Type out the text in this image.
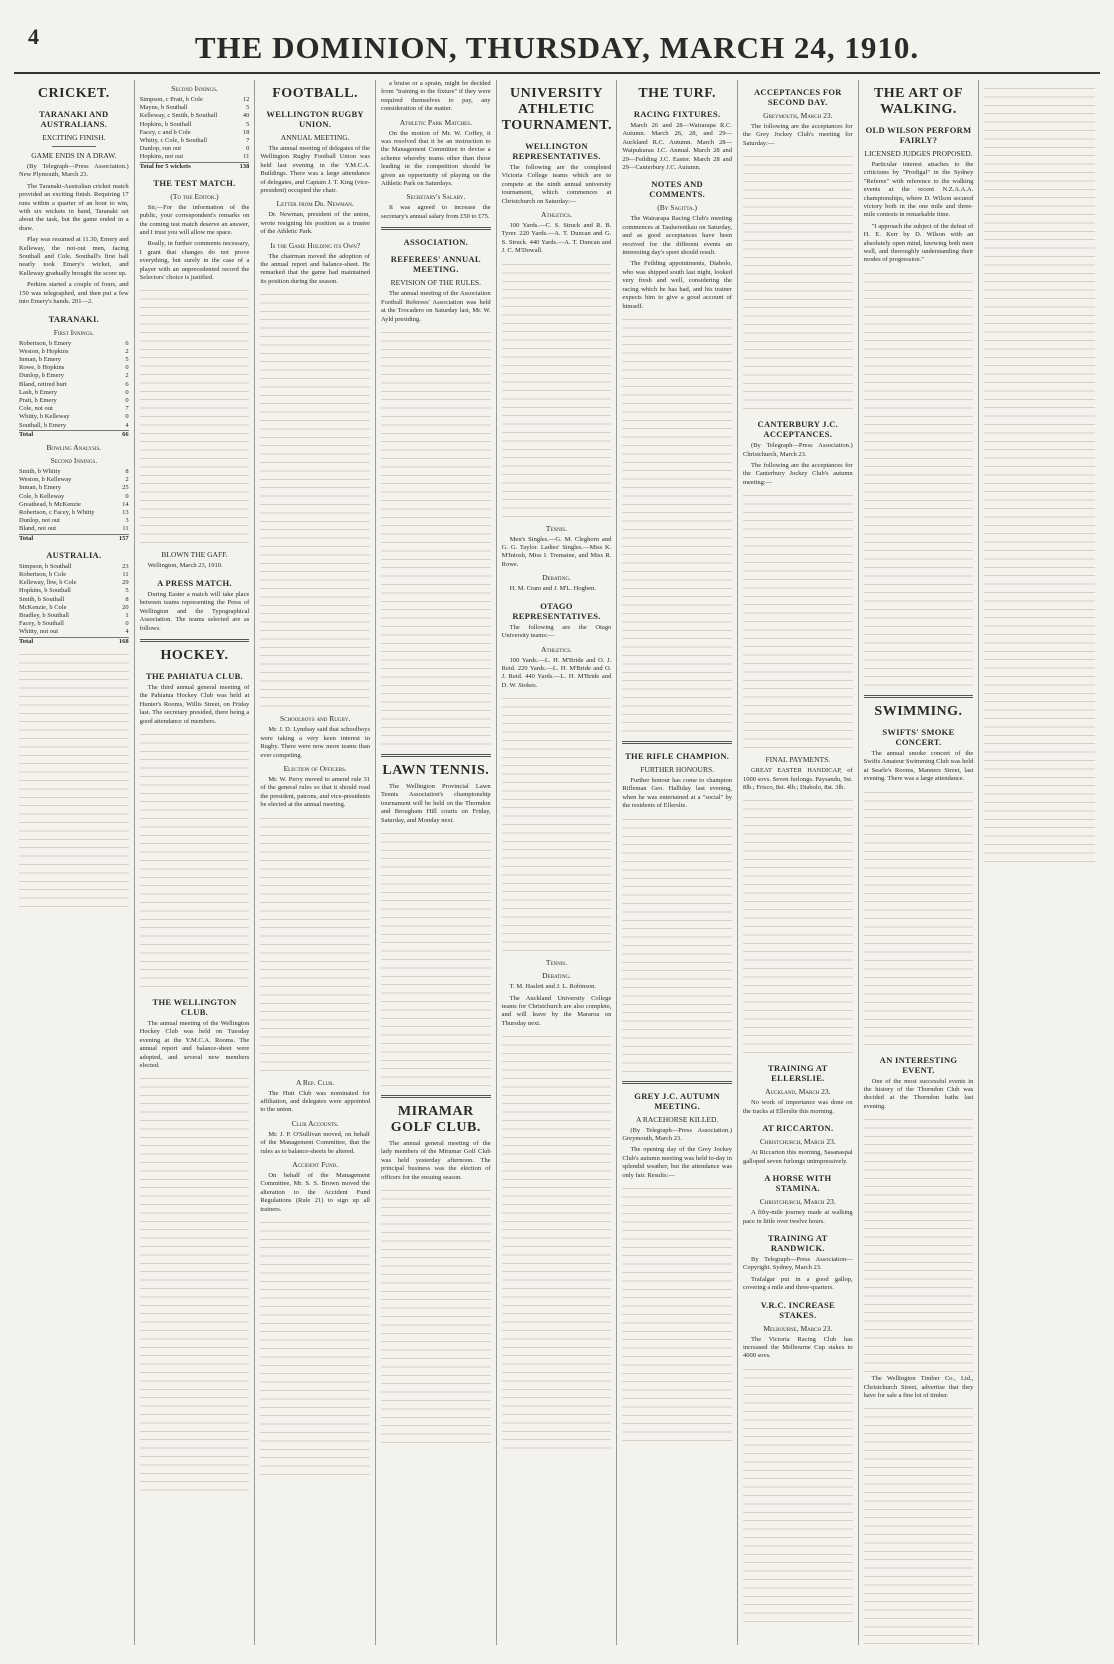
4	THE DOMINION, THURSDAY, MARCH 24, 1910.
CRICKET.
TARANAKI AND AUSTRALIANS.
EXCITING FINISH.
GAME ENDS IN A DRAW.

(By Telegraph—Press Association.) New Plymouth, March 23.

The Taranaki-Australian cricket match provided an exciting finish. Requiring 17 runs within a quarter of an hour to win, with six wickets in hand, Taranaki set about the task, but the game ended in a draw.

Play was resumed at 11.30, Emery and Kelleway, the not-out men, facing Southall and Cole. Southall's first ball nearly took Emery's wicket, and Kelleway gradually brought the score up.

Perkins started a couple of fours, and 150 was telegraphed, and then put a few into Emery's hands. 201—2.

TARANAKI.
First Innings.
Robertson, b Emery	6
Weston, b Hopkins	2
Inman, b Emery	5
Rowe, b Hopkins	0
Dunlop, b Emery	2
Bland, retired hurt	6
Lash, b Emery	0
Pratt, b Emery	0
Cole, not out	7
Whitty, b Kelleway	0
Southall, b Emery	4
Total	66
Bowling Analysis.
Second Innings.
Smith, b Whitty	8
Weston, b Kelleway	2
Inman, b Emery	25
Cole, b Kelleway	0
Greathead, b McKenzie	14
Robertson, c Facey, b Whitty	13
Dunlop, not out	3
Bland, not out	11
Total	157
AUSTRALIA.
Simpson, b Southall	23
Robertson, b Cole	11
Kelleway, lbw, b Cole	29
Hopkins, b Southall	5
Smith, b Southall	8
McKenzie, b Cole	20
Bradley, b Southall	1
Facey, b Southall	0
Whitty, not out	4
Total	168
Second Innings.
Simpson, c Pratt, b Cole	12
Mayne, b Southall	5
Kelleway, c Smith, b Southall	40
Hopkins, b Southall	5
Facey, c and b Cole	18
Whitty, c Cole, b Southall	7
Dunlop, run out	0
Hopkins, not out	11
Total for 5 wickets	138
THE TEST MATCH.
(To the Editor.)

Sir,—For the information of the public, your correspondent's remarks on the coming test match deserve an answer, and I trust you will allow me space.

Really, in further comments necessary, I grant that changes do not prove everything, but surely in the case of a player with an unprecedented record the Selectors' choice is justified.

BLOWN THE GAFF.

Wellington, March 23, 1910.

A PRESS MATCH.

During Easter a match will take place between teams representing the Press of Wellington and the Typographical Association. The teams selected are as follows.

HOCKEY.
THE PAHIATUA CLUB.

The third annual general meeting of the Pahiatua Hockey Club was held at Hunter's Rooms, Willis Street, on Friday last. The secretary presided, there being a good attendance of members.

THE WELLINGTON CLUB.

The annual meeting of the Wellington Hockey Club was held on Tuesday evening at the Y.M.C.A. Rooms. The annual report and balance-sheet were adopted, and several new members elected.

FOOTBALL.
WELLINGTON RUGBY UNION.
ANNUAL MEETING.

The annual meeting of delegates of the Wellington Rugby Football Union was held last evening in the Y.M.C.A. Buildings. There was a large attendance of delegates, and Captain J. T. King (vice-president) occupied the chair.

Letter from Dr. Newman.

Dr. Newman, president of the union, wrote resigning his position as a trustee of the Athletic Park.

Is the Game Holding its Own?

The chairman moved the adoption of the annual report and balance-sheet. He remarked that the game had maintained its position during the season.

Schoolboys and Rugby.

Mr. J. D. Lyndsay said that schoolboys were taking a very keen interest in Rugby. There were now more teams than ever competing.

Election of Officers.

Mr. W. Perry moved to amend rule 31 of the general rules so that it should read the president, patrons, and vice-presidents be elected at the annual meeting.

A Rep. Club.

The Hutt Club was nominated for affiliation, and delegates were appointed to the union.

Club Accounts.

Mr. J. P. O'Sullivan moved, on behalf of the Management Committee, that the rules as to balance-sheets be altered.

Accident Fund.

On behalf of the Management Committee, Mr. S. S. Brown moved the alteration to the Accident Fund Regulations (Rule 21) to sign up all trainers.

a bruise or a sprain, might be decided from "training to the fixture" if they were required themselves to pay, any consideration of the matter.

Athletic Park Matches.

On the motion of Mr. W. Coffey, it was resolved that it be an instruction to the Management Committee to devise a scheme whereby teams other than those leading in the competition should be given an opportunity of playing on the Athletic Park on Saturdays.

Secretary's Salary.

It was agreed to increase the secretary's annual salary from £50 to £75.

ASSOCIATION.
REFEREES' ANNUAL MEETING.
REVISION OF THE RULES.

The annual meeting of the Association Football Referees' Association was held at the Trocadero on Saturday last, Mr. W. Ayld presiding.

LAWN TENNIS.

The Wellington Provincial Lawn Tennis Association's championship tournament will be held on the Thorndon and Brougham Hill courts on Friday, Saturday, and Monday next.

MIRAMAR GOLF CLUB.

The annual general meeting of the lady members of the Miramar Golf Club was held yesterday afternoon. The principal business was the election of officers for the ensuing season.

UNIVERSITY ATHLETIC TOURNAMENT.
WELLINGTON REPRESENTATIVES.

The following are the completed Victoria College teams which are to compete at the ninth annual university tournament, which commences at Christchurch on Saturday:—

Athletics.

100 Yards.—C. S. Struck and R. B. Tyrer. 220 Yards.—A. T. Duncan and G. S. Struck. 440 Yards.—A. T. Duncan and J. C. M'Dowall.

Tennis.

Men's Singles.—G. M. Cleghorn and G. G. Taylor. Ladies' Singles.—Miss K. M'Intosh, Miss I. Tremaine, and Miss R. Rowe.

Debating.

H. M. Cram and J. M'L. Hogben.

OTAGO REPRESENTATIVES.

The following are the Otago University teams:—

Athletics.

100 Yards.—L. H. M'Bride and O. J. Reid. 220 Yards.—L. H. M'Bride and O. J. Reid. 440 Yards.—L. H. M'Bride and D. W. Stokes.

Tennis.
Debating.

T. M. Haslett and J. L. Robinson.

The Auckland University College teams for Christchurch are also complete, and will leave by the Mararoa on Thursday next.

THE TURF.
RACING FIXTURES.

March 26 and 28—Wairarapa R.C. Autumn. March 26, 28, and 29—Auckland R.C. Autumn. March 28—Waipukurau J.C. Annual. March 28 and 29—Feilding J.C. Easter. March 28 and 29—Canterbury J.C. Autumn.

NOTES AND COMMENTS.
(By Sagitta.)

The Wairarapa Racing Club's meeting commences at Tauherenikau on Saturday, and as good acceptances have been received for the different events an interesting day's sport should result.

The Feilding appointments, Diabolo, who was shipped south last night, looked very fresh and well, considering the racing which he has had, and his trainer expects him to give a good account of himself.

THE RIFLE CHAMPION.
FURTHER HONOURS.

Further honour has come to champion Rifleman Geo. Halliday last evening, when he was entertained at a "social" by the residents of Ellerslie.

GREY J.C. AUTUMN MEETING.
A RACEHORSE KILLED.

(By Telegraph—Press Association.) Greymouth, March 23.

The opening day of the Grey Jockey Club's autumn meeting was held to-day in splendid weather, but the attendance was only fair. Results:—

ACCEPTANCES FOR SECOND DAY.
Greymouth, March 23.

The following are the acceptances for the Grey Jockey Club's meeting for Saturday:—

CANTERBURY J.C. ACCEPTANCES.

(By Telegraph—Press Association.) Christchurch, March 23.

The following are the acceptances for the Canterbury Jockey Club's autumn meeting:—

FINAL PAYMENTS.

GREAT EASTER HANDICAP, of 1000 sovs. Seven furlongs. Paysandu, 9st. 8lb.; Frisco, 8st. 4lb.; Diabolo, 8st. 3lb.

TRAINING AT ELLERSLIE.
Auckland, March 23.

No work of importance was done on the tracks at Ellerslie this morning.

AT RICCARTON.
Christchurch, March 23.

At Riccarton this morning, Sasanaspal galloped seven furlongs unimpressively.

A HORSE WITH STAMINA.
Christchurch, March 23.

A fifty-mile journey made at walking pace in little over twelve hours.

TRAINING AT RANDWICK.

By Telegraph—Press Association—Copyright. Sydney, March 23.

Trafalgar put in a good gallop, covering a mile and three-quarters.

V.R.C. INCREASE STAKES.
Melbourne, March 23.

The Victoria Racing Club has increased the Melbourne Cup stakes to 4000 sovs.

THE ART OF WALKING.
OLD WILSON PERFORM FAIRLY?
LICENSED JUDGES PROPOSED.

Particular interest attaches to the criticisms by "Prodigal" in the Sydney "Referee" with reference to the walking events at the recent N.Z.A.A.A. championships, where D. Wilson secured victory both in the one mile and three-mile contests in remarkable time.

"I approach the subject of the defeat of H. E. Kerr by D. Wilson with an absolutely open mind, knowing both men well, and thoroughly understanding their modes of progression."

SWIMMING.
SWIFTS' SMOKE CONCERT.

The annual smoke concert of the Swifts Amateur Swimming Club was held at Searle's Rooms, Manners Street, last evening. There was a large attendance.

AN INTERESTING EVENT.

One of the most successful events in the history of the Thorndon Club was decided at the Thorndon baths last evening.

The Wellington Timber Co., Ltd., Christchurch Street, advertise that they have for sale a fine lot of timber.
